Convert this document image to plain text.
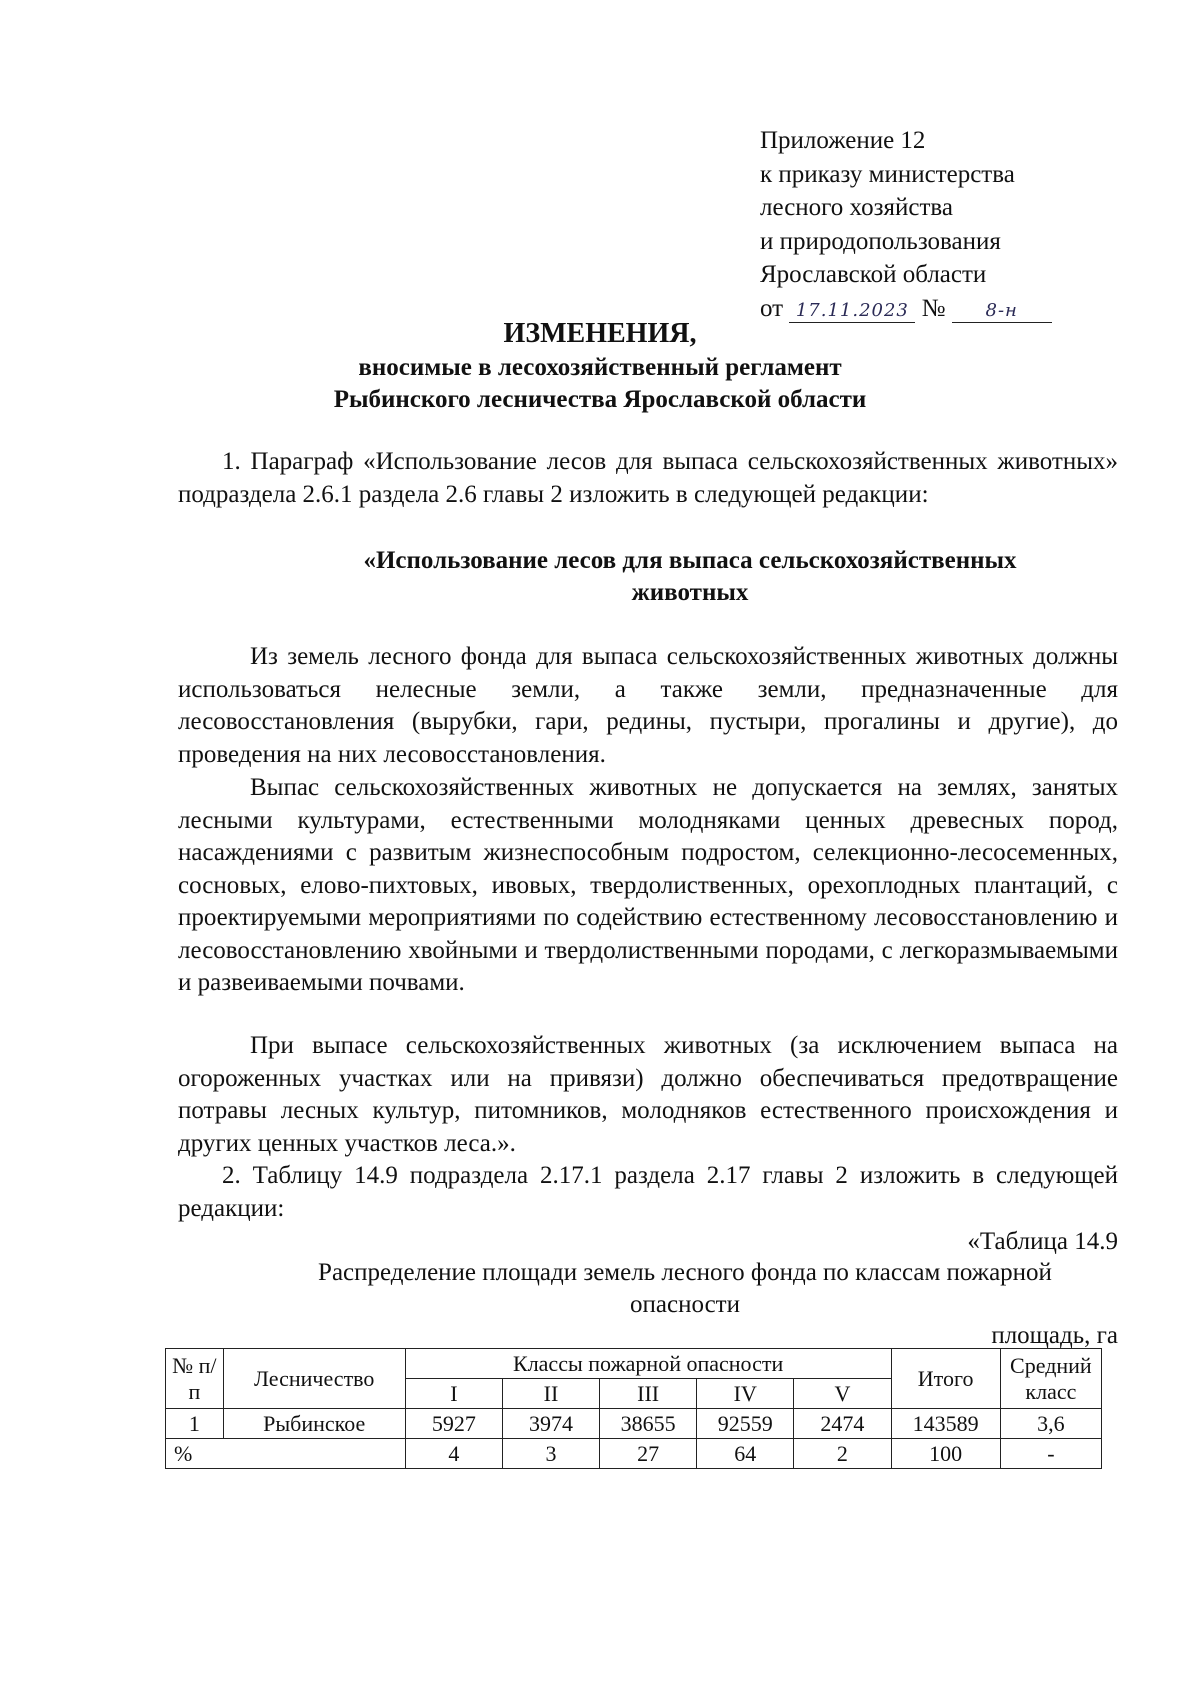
Приложение 12
к приказу министерства
лесного хозяйства
и природопользования
Ярославской области
от 17.11.2023 № 8-н
ИЗМЕНЕНИЯ,
вносимые в лесохозяйственный регламент
Рыбинского лесничества Ярославской области
1. Параграф «Использование лесов для выпаса сельскохозяйственных животных» подраздела 2.6.1 раздела 2.6 главы 2 изложить в следующей редакции:
«Использование лесов для выпаса сельскохозяйственных
животных
Из земель лесного фонда для выпаса сельскохозяйственных животных должны использоваться нелесные земли, а также земли, предназначенные для лесовосстановления (вырубки, гари, редины, пустыри, прогалины и другие), до проведения на них лесовосстановления.
Выпас сельскохозяйственных животных не допускается на землях, занятых лесными культурами, естественными молодняками ценных древесных пород, насаждениями с развитым жизнеспособным подростом, селекционно-лесосеменных, сосновых, елово-пихтовых, ивовых, твердолиственных, орехоплодных плантаций, с проектируемыми мероприятиями по содействию естественному лесовосстановлению и лесовосстановлению хвойными и твердолиственными породами, с легкоразмываемыми и развеиваемыми почвами.
При выпасе сельскохозяйственных животных (за исключением выпаса на огороженных участках или на привязи) должно обеспечиваться предотвращение потравы лесных культур, питомников, молодняков естественного происхождения и других ценных участков леса.».
2. Таблицу 14.9 подраздела 2.17.1 раздела 2.17 главы 2 изложить в следующей редакции:
«Таблица 14.9
Распределение площади земель лесного фонда по классам пожарной
опасности
площадь, га
№ п/п	Лесничество	Классы пожарной опасности					Итого	Средний класс
		I	II	III	IV	V		
1	Рыбинское	5927	3974	38655	92559	2474	143589	3,6
%		4	3	27	64	2	100	-
